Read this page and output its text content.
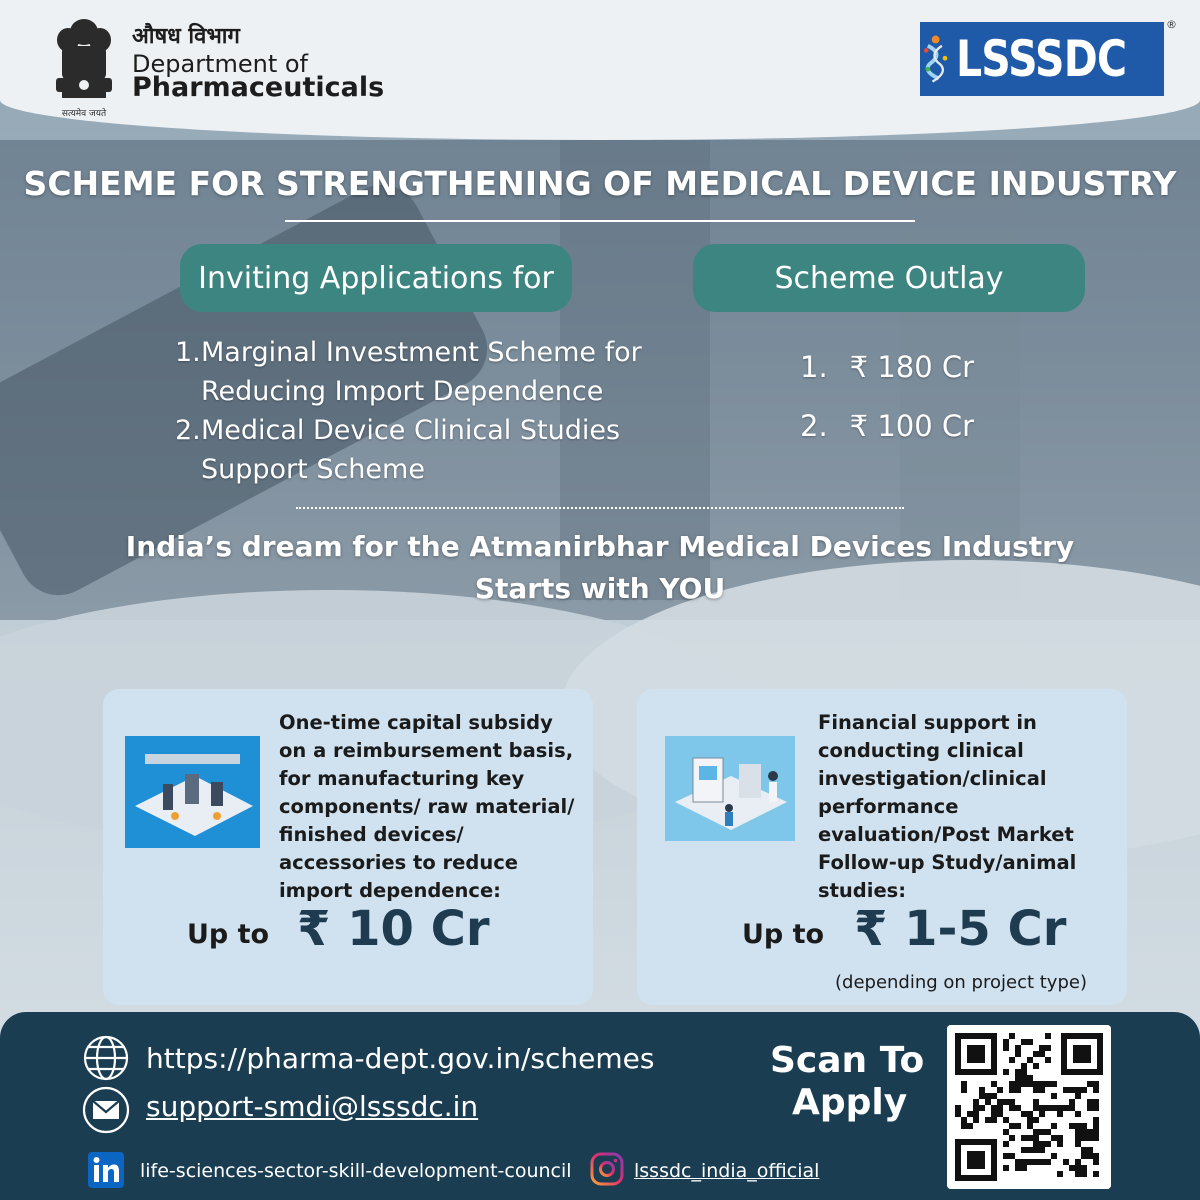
सत्यमेव जयते
औषध विभाग
Department of
Pharmaceuticals	LSSSDC
®
SCHEME FOR STRENGTHENING OF MEDICAL DEVICE INDUSTRY
Inviting Applications for	Scheme Outlay
1. Marginal Investment Scheme for Reducing Import Dependence
2. Medical Device Clinical Studies Support Scheme
1. ₹ 180 Cr
2. ₹ 100 Cr
India’s dream for the Atmanirbhar Medical Devices Industry
Starts with YOU
One-time capital subsidy on a reimbursement basis, for manufacturing key components/ raw material/ finished devices/ accessories to reduce import dependence:
Up to ₹ 10 Cr
Financial support in conducting clinical investigation/clinical performance evaluation/Post Market Follow-up Study/animal studies:
Up to ₹ 1-5 Cr
(depending on project type)
https://pharma-dept.gov.in/schemes
support-smdi@lsssdc.in
life-sciences-sector-skill-development-council	lsssdc_india_official
Scan To
Apply
